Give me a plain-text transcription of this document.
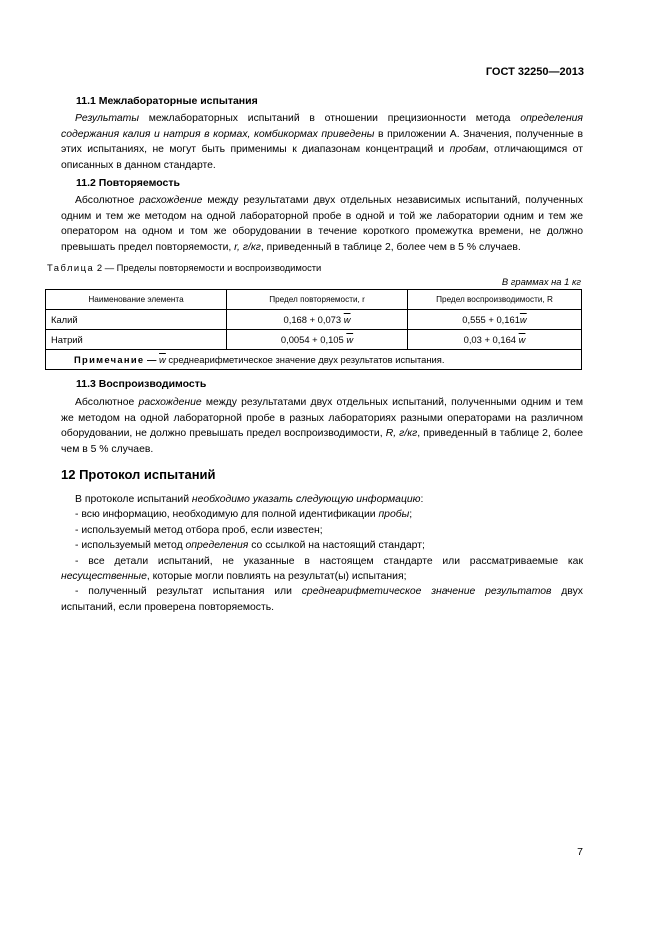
ГОСТ 32250—2013
11.1 Межлабораторные испытания
Результаты межлабораторных испытаний в отношении прецизионности метода определения содержания калия и натрия в кормах, комбикормах приведены в приложении А. Значения, полученные в этих испытаниях, не могут быть применимы к диапазонам концентраций и пробам, отличающимся от описанных в данном стандарте.
11.2 Повторяемость
Абсолютное расхождение между результатами двух отдельных независимых испытаний, полученных одним и тем же методом на одной лабораторной пробе в одной и той же лаборатории одним и тем же оператором на одном и том же оборудовании в течение короткого промежутка времени, не должно превышать предел повторяемости, r, г/кг, приведенный в таблице 2, более чем в 5 % случаев.
Таблица 2 — Пределы повторяемости и воспроизводимости
В граммах на 1 кг
Наименование элемента	Предел повторяемости, r	Предел воспроизводимости, R
Калий	0,168 + 0,073 $\overline{w}$	$0,555 + 0,161\overline{w}$
Натрий	0,0054 + 0,105 $\overline{w}$	0,03 + 0,164 $\overline{w}$
Примечание — $\overline{w}$ среднеарифметическое значение двух результатов испытания.		
11.3 Воспроизводимость
Абсолютное расхождение между результатами двух отдельных испытаний, полученными одним и тем же методом на одной лабораторной пробе в разных лабораториях разными операторами на различном оборудовании, не должно превышать предел воспроизводимости, R, г/кг, приведенный в таблице 2, более чем в 5 % случаев.
12 Протокол испытаний
В протоколе испытаний необходимо указать следующую информацию:
- всю информацию, необходимую для полной идентификации пробы;
- используемый метод отбора проб, если известен;
- используемый метод определения со ссылкой на настоящий стандарт;
- все детали испытаний, не указанные в настоящем стандарте или рассматриваемые как несущественные, которые могли повлиять на результат(ы) испытания;
- полученный результат испытания или среднеарифметическое значение результатов двух испытаний, если проверена повторяемость.
7
